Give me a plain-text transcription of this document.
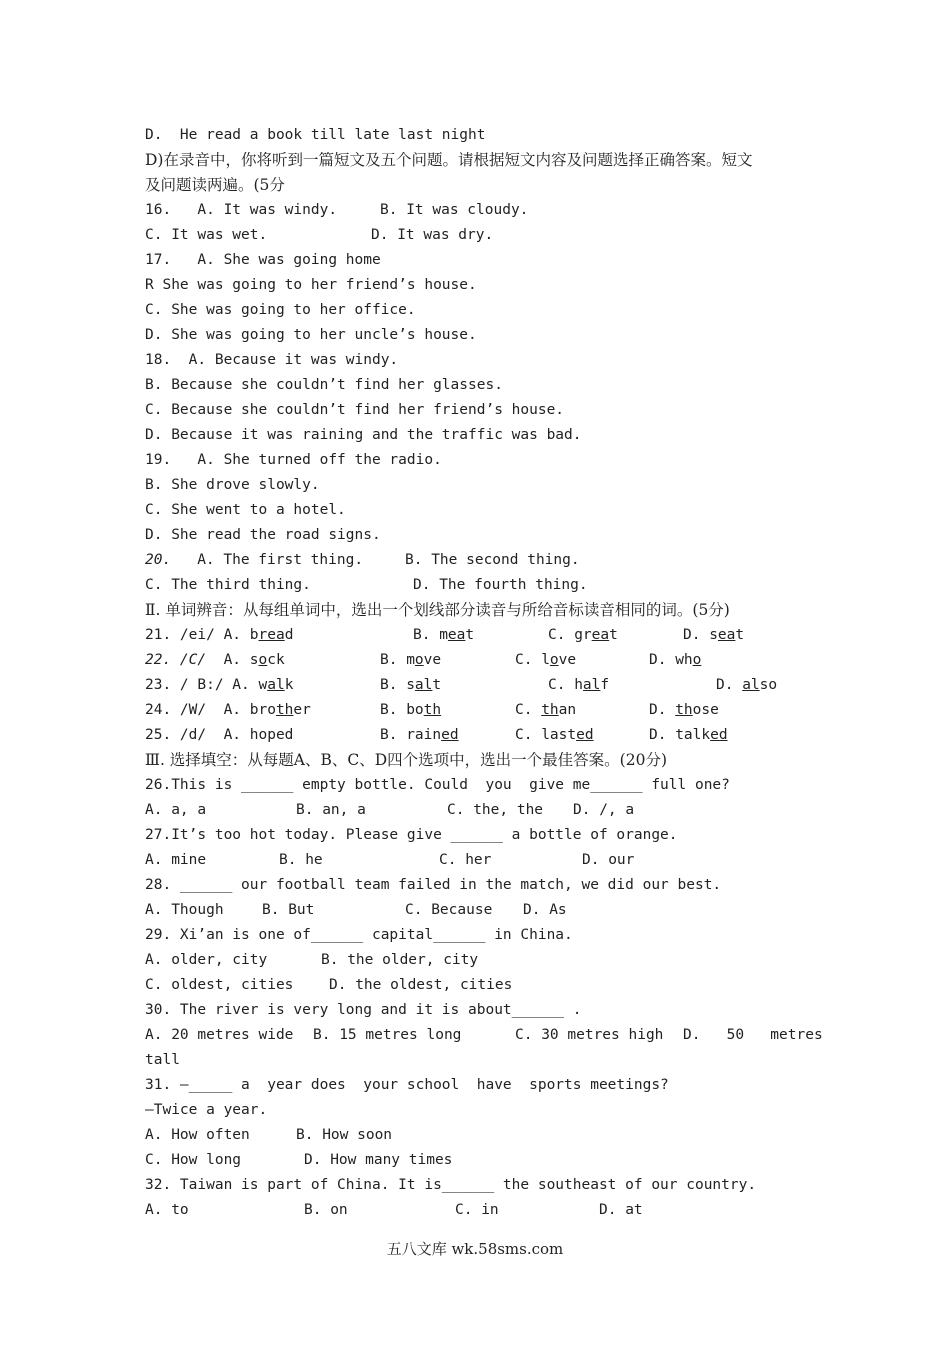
D.  He read a book till late last night
D)在录音中，你将听到一篇短文及五个问题。请根据短文内容及问题选择正确答案。短文
及问题读两遍。(5分

16.   A. It was windy.

	B. It was cloudy.

C. It was wet.

	D. It was dry.

17.   A. She was going home
R She was going to her friend’s house.
C. She was going to her office.
D. She was going to her uncle’s house.
18.  A. Because it was windy.
B. Because she couldn’t find her glasses.
C. Because she couldn’t find her friend’s house.
D. Because it was raining and the traffic was bad.
19.   A. She turned off the radio.
B. She drove slowly.
C. She went to a hotel.
D. She read the road signs.

20.

A. The first thing.

	B. The second thing.

C. The third thing.

	D. The fourth thing.

Ⅱ. 单词辨音：从每组单词中，选出一个划线部分读音与所给音标读音相同的词。(5分)

21. /ei/ A. bread

	B. meat

	C. great

	D. seat

22. /C/  A. sock

	B. move

	C. love

	D. who

23. / B:/ A. walk

	B. salt

	C. half

	D. also

24. /W/  A. brother

	B. both

	C. than

	D. those

25. /d/  A. hoped

	B. rained

	C. lasted

	D. talked

Ⅲ. 选择填空：从每题A、B、C、D四个选项中，选出一个最佳答案。(20分)
26.This is ______ empty bottle. Could  you  give me______ full one?

A. a, a

	B. an, a

	C. the, the

D. /, a

27.It’s too hot today. Please give ______ a bottle of orange.

A. mine

	B. he

	C. her

	D. our

28. ______ our football team failed in the match, we did our best.

A. Though

	B. But

	C. Because

D. As

29. Xi’an is one of______ capital______ in China.

A. older, city

	B. the older, city

C. oldest, cities

D. the oldest, cities

30. The river is very long and it is about______ .

A. 20 metres wide

B. 15 metres long

	C. 30 metres high

D.   50   metres

tall
31. —_____ a  year does  your school  have  sports meetings?
—Twice a year.

A. How often

	B. How soon

C. How long

	D. How many times

32. Taiwan is part of China. It is______ the southeast of our country.

A. to

	B. on

	C. in

	D. at

五八文库 wk.58sms.com
